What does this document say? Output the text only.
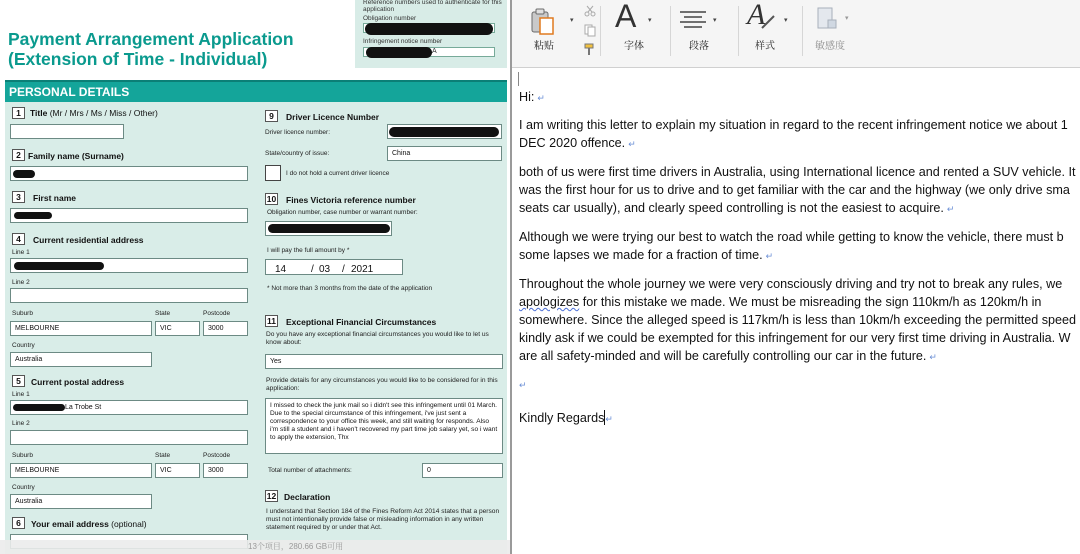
Reference numbers used to authenticate for this application
Obligation number
Infringement notice number
A
Payment Arrangement Application
(Extension of Time - Individual)
PERSONAL DETAILS
1	Title (Mr / Mrs / Ms / Miss / Other)
2 Family name (Surname)
3	First name
4	Current residential address
Line 1
Line 2
Suburb	State	Postcode
MELBOURNE	VIC	3000
Country
Australia
5	Current postal address
Line 1
La Trobe St
Line 2
Suburb	State	Postcode
MELBOURNE	VIC	3000
Country
Australia
6	Your email address (optional)
9	Driver Licence Number
Driver licence number:
State/country of issue:	China
I do not hold a current driver licence
10 Fines Victoria reference number
Obligation number, case number or warrant number:
I will pay the full amount by *
14 / 03 / 2021
* Not more than 3 months from the date of the application
11 Exceptional Financial Circumstances
Do you have any exceptional financial circumstances you would like to let us know about:
Yes
Provide details for any circumstances you would like to be considered for in this application:
I missed to check the junk mail so i didn't see this infringement until 01 March. Due to the special circumstance of this infringement, i've just sent a correspondence to your office this week, and still waiting for responds. Also i'm still a student and i haven't recovered my part time job salary yet, so i want to apply the extension, Thx
Total number of attachments:	0
12 Declaration
I understand that Section 184 of the Fines Reform Act 2014 states that a person must not intentionally provide false or misleading information in any written statement required by or under that Act.
13个项目，280.66 GB可用
▾
粘贴
A ▾
字体
▾
段落
A	▾
样式
▾
敏感度
Hi: ↵
I am writing this letter to explain my situation in regard to the recent infringement notice we about 1
DEC 2020 offence. ↵
both of us were first time drivers in Australia, using International licence and rented a SUV vehicle. It
was the first hour for us to drive and to get familiar with the car and the highway (we only drive sma
seats car usually), and clearly speed controlling is not the easiest to acquire. ↵
Although we were trying our best to watch the road while getting to know the vehicle, there must b
some lapses we made for a fraction of time. ↵
Throughout the whole journey we were very consciously driving and try not to break any rules, we
apologizes for this mistake we made. We must be misreading the sign 110km/h as 120km/h in
somewhere. Since the alleged speed is 117km/h is less than 10km/h exceeding the permitted speed
kindly ask if we could be exempted for this infringement for our very first time driving in Australia. W
are all safety-minded and will be carefully controlling our car in the future. ↵
↵
Kindly Regards↵
